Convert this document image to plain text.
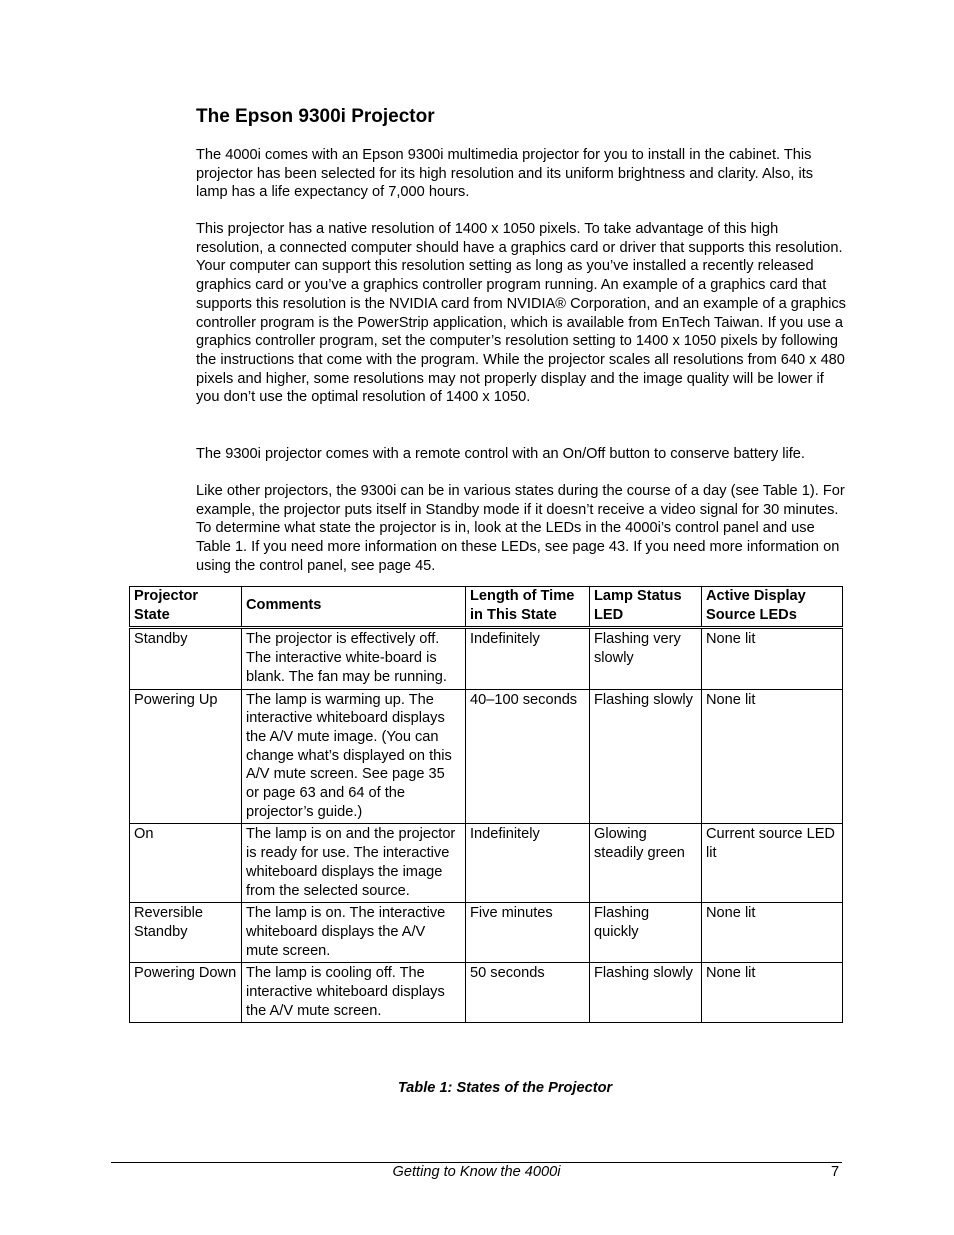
The Epson 9300i Projector

The 4000i comes with an Epson 9300i multimedia projector for you to install in the cabinet. This projector has been selected for its high resolution and its uniform brightness and clarity. Also, its lamp has a life expectancy of 7,000 hours.

This projector has a native resolution of 1400 x 1050 pixels. To take advantage of this high resolution, a connected computer should have a graphics card or driver that supports this resolution. Your computer can support this resolution setting as long as you’ve installed a recently released graphics card or you’ve a graphics controller program running. An example of a graphics card that supports this resolution is the NVIDIA card from NVIDIA® Corporation, and an example of a graphics controller program is the PowerStrip application, which is available from EnTech Taiwan. If you use a graphics controller program, set the computer’s resolution setting to 1400 x 1050 pixels by following the instructions that come with the program. While the projector scales all resolutions from 640 x 480 pixels and higher, some resolutions may not properly display and the image quality will be lower if you don’t use the optimal resolution of 1400 x 1050.

The 9300i projector comes with a remote control with an On/Off button to conserve battery life.

Like other projectors, the 9300i can be in various states during the course of a day (see Table 1). For example, the projector puts itself in Standby mode if it doesn’t receive a video signal for 30 minutes. To determine what state the projector is in, look at the LEDs in the 4000i’s control panel and use Table 1. If you need more information on these LEDs, see page 43. If you need more information on using the control panel, see page 45.

Projector State	Comments	Length of Time in This State	Lamp Status LED	Active Display Source LEDs
Standby	The projector is effectively off. The interactive white-board is blank. The fan may be running.	Indefinitely	Flashing very slowly	None lit
Powering Up	The lamp is warming up. The interactive whiteboard displays the A/V mute image. (You can change what’s displayed on this
A/V mute screen. See page 35 or page 63 and 64 of the projector’s guide.)	40–100 seconds	Flashing slowly	None lit
On	The lamp is on and the projector is ready for use. The interactive whiteboard displays the image from the selected source.	Indefinitely	Glowing steadily green	Current source LED lit
Reversible Standby	The lamp is on. The interactive whiteboard displays the A/V mute screen.	Five minutes	Flashing quickly	None lit
Powering Down	The lamp is cooling off. The interactive whiteboard displays the A/V mute screen.	50 seconds	Flashing slowly	None lit

Table 1: States of the Projector

Getting to Know the 4000i	7
